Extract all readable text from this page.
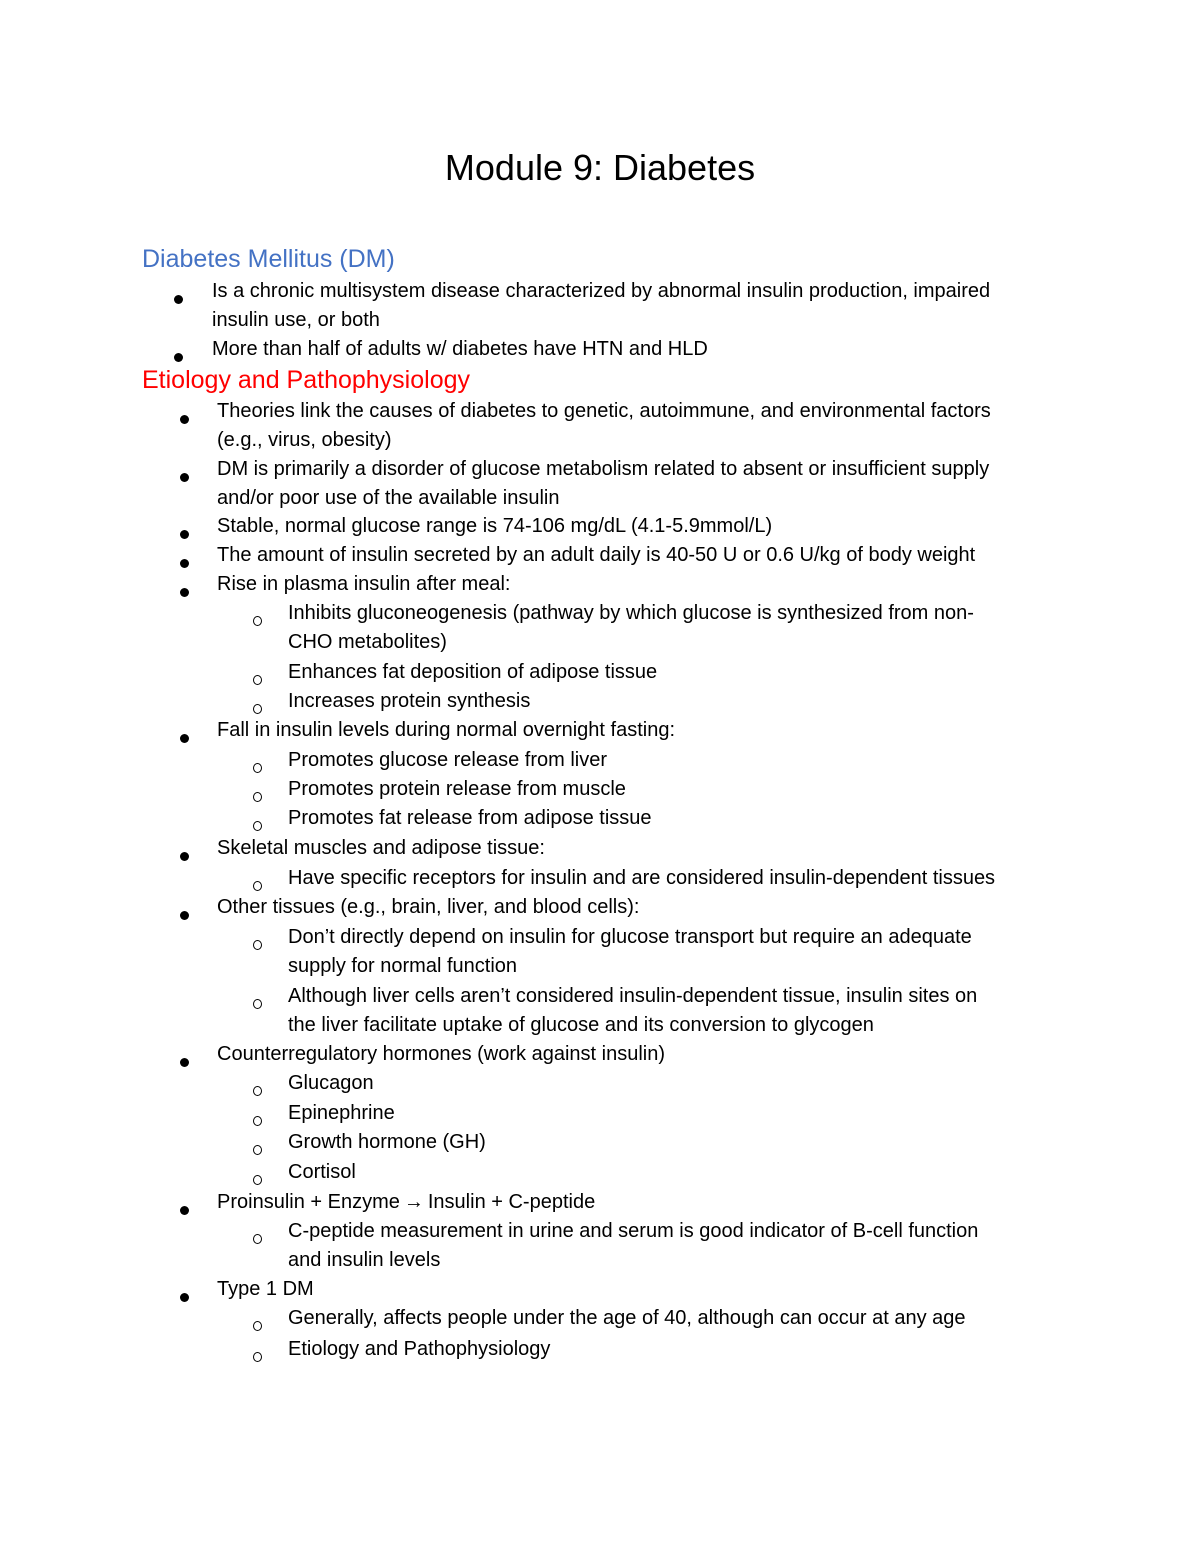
Module 9: Diabetes
Diabetes Mellitus (DM)
Is a chronic multisystem disease characterized by abnormal insulin production, impaired
insulin use, or both
More than half of adults w/ diabetes have HTN and HLD
Etiology and Pathophysiology
Theories link the causes of diabetes to genetic, autoimmune, and environmental factors
(e.g., virus, obesity)
DM is primarily a disorder of glucose metabolism related to absent or insufficient supply
and/or poor use of the available insulin
Stable, normal glucose range is 74-106 mg/dL (4.1-5.9mmol/L)
The amount of insulin secreted by an adult daily is 40-50 U or 0.6 U/kg of body weight
Rise in plasma insulin after meal:
Inhibits gluconeogenesis (pathway by which glucose is synthesized from non-
CHO metabolites)
Enhances fat deposition of adipose tissue
Increases protein synthesis
Fall in insulin levels during normal overnight fasting:
Promotes glucose release from liver
Promotes protein release from muscle
Promotes fat release from adipose tissue
Skeletal muscles and adipose tissue:
Have specific receptors for insulin and are considered insulin-dependent tissues
Other tissues (e.g., brain, liver, and blood cells):
Don’t directly depend on insulin for glucose transport but require an adequate
supply for normal function
Although liver cells aren’t considered insulin-dependent tissue, insulin sites on
the liver facilitate uptake of glucose and its conversion to glycogen
Counterregulatory hormones (work against insulin)
Glucagon
Epinephrine
Growth hormone (GH)
Cortisol
Proinsulin + Enzyme → Insulin + C-peptide
C-peptide measurement in urine and serum is good indicator of B-cell function
and insulin levels
Type 1 DM
Generally, affects people under the age of 40, although can occur at any age
Etiology and Pathophysiology
